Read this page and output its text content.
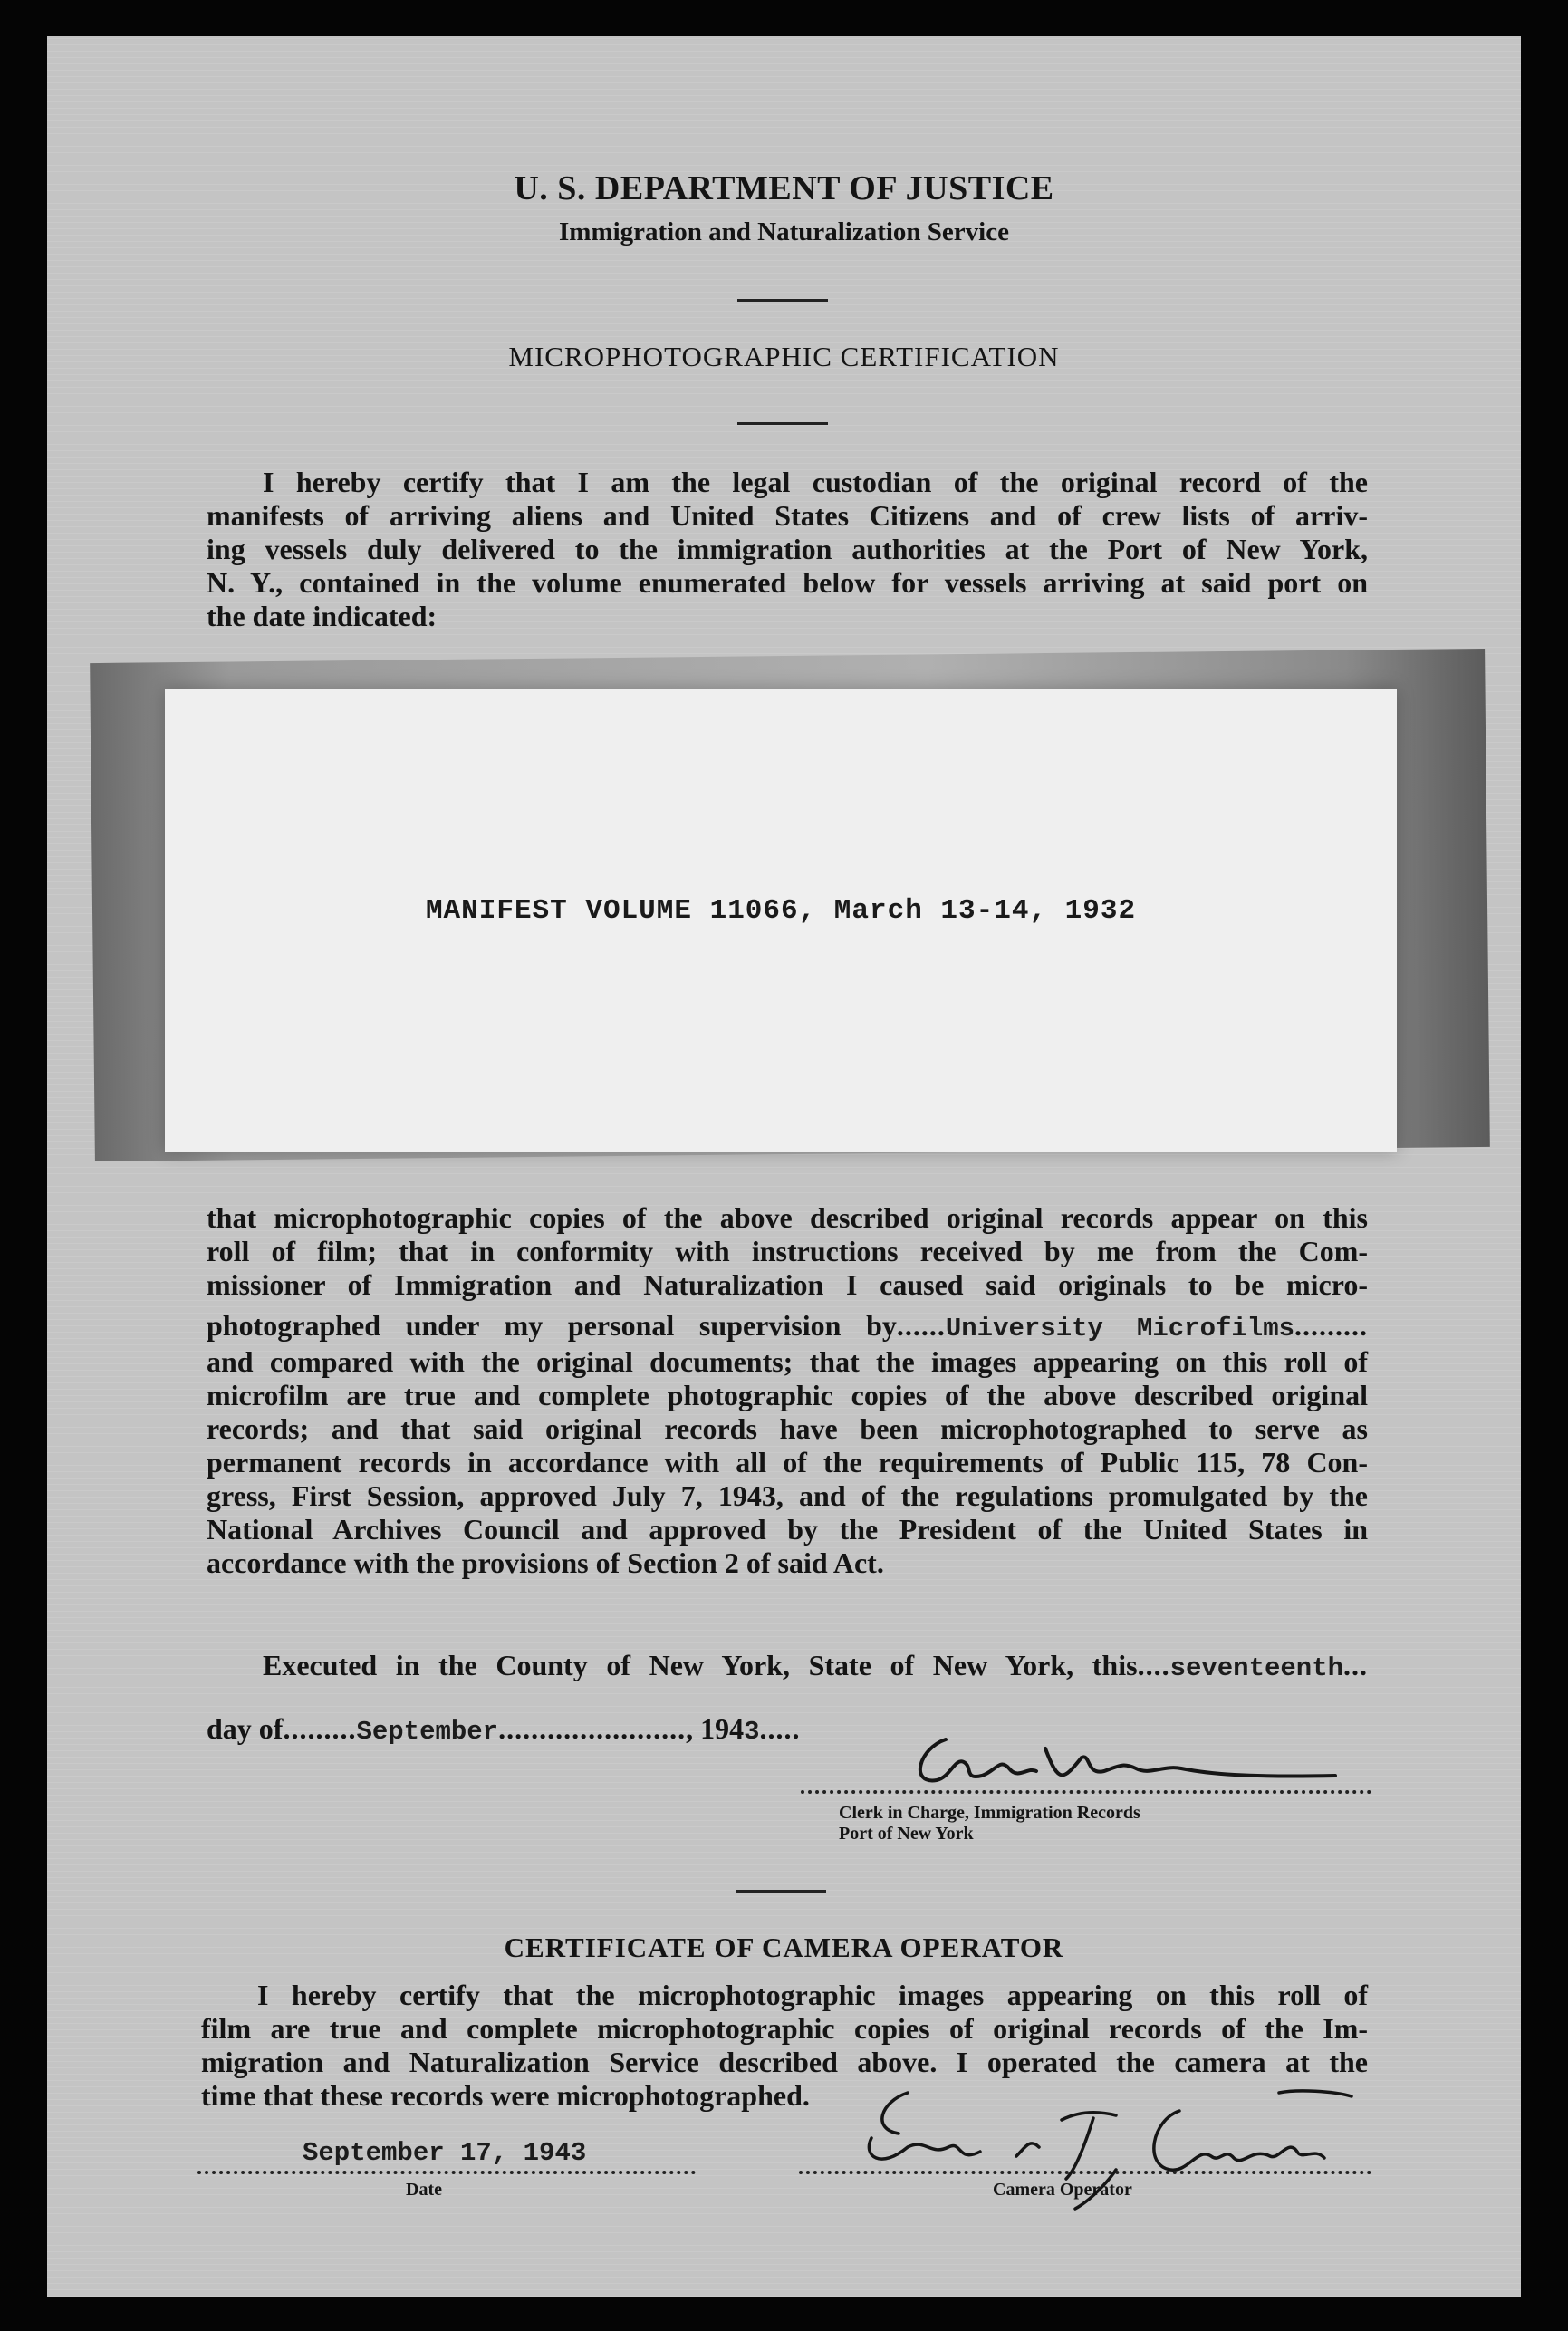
U. S. DEPARTMENT OF JUSTICE
Immigration and Naturalization Service
MICROPHOTOGRAPHIC CERTIFICATION
I hereby certify that I am the legal custodian of the original record of the
manifests of arriving aliens and United States Citizens and of crew lists of arriv-
ing vessels duly delivered to the immigration authorities at the Port of New York,
N. Y., contained in the volume enumerated below for vessels arriving at said port on
the date indicated:
MANIFEST VOLUME 11066, March 13-14, 1932
that microphotographic copies of the above described original records appear on this
roll of film; that in conformity with instructions received by me from the Com-
missioner of Immigration and Naturalization I caused said originals to be micro-
photographed under my personal supervision by......University Microfilms.........
and compared with the original documents; that the images appearing on this roll of
microfilm are true and complete photographic copies of the above described original
records; and that said original records have been microphotographed to serve as
permanent records in accordance with all of the requirements of Public 115, 78 Con-
gress, First Session, approved July 7, 1943, and of the regulations promulgated by the
National Archives Council and approved by the President of the United States in
accordance with the provisions of Section 2 of said Act.
Executed in the County of New York, State of New York, this....seventeenth...
day of.........September......................., 1943.....
Clerk in Charge, Immigration Records
Port of New York
CERTIFICATE OF CAMERA OPERATOR
I hereby certify that the microphotographic images appearing on this roll of
film are true and complete microphotographic copies of original records of the Im-
migration and Naturalization Service described above. I operated the camera at the
time that these records were microphotographed.
September 17, 1943
Date	Camera Operator
